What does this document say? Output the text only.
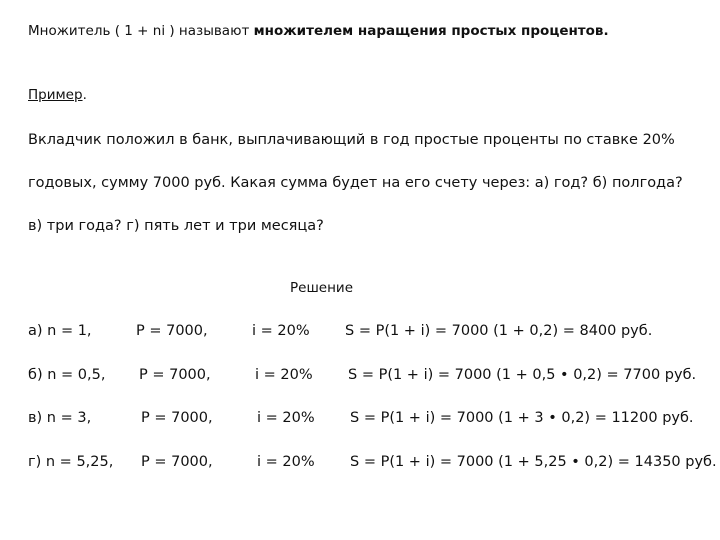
Множитель ( 1 + ni ) называют множителем наращения простых процентов.
Пример.
Вкладчик положил в банк, выплачивающий в год простые проценты по ставке 20%
годовых, сумму 7000 руб. Какая сумма будет на его счету через: а) год? б) полгода?
в) три года? г) пять лет и три месяца?
Решение
а) n = 1,	P = 7000,	i = 20% S = P(1 + i) = 7000 (1 + 0,2) = 8400 руб.
б) n = 0,5, P = 7000,	i = 20% S = P(1 + i) = 7000 (1 + 0,5 • 0,2) = 7700 руб.
в) n = 3,	P = 7000,	i = 20% S = P(1 + i) = 7000 (1 + 3 • 0,2) = 11200 руб.
г) n = 5,25, P = 7000,	i = 20% S = P(1 + i) = 7000 (1 + 5,25 • 0,2) = 14350 руб.
